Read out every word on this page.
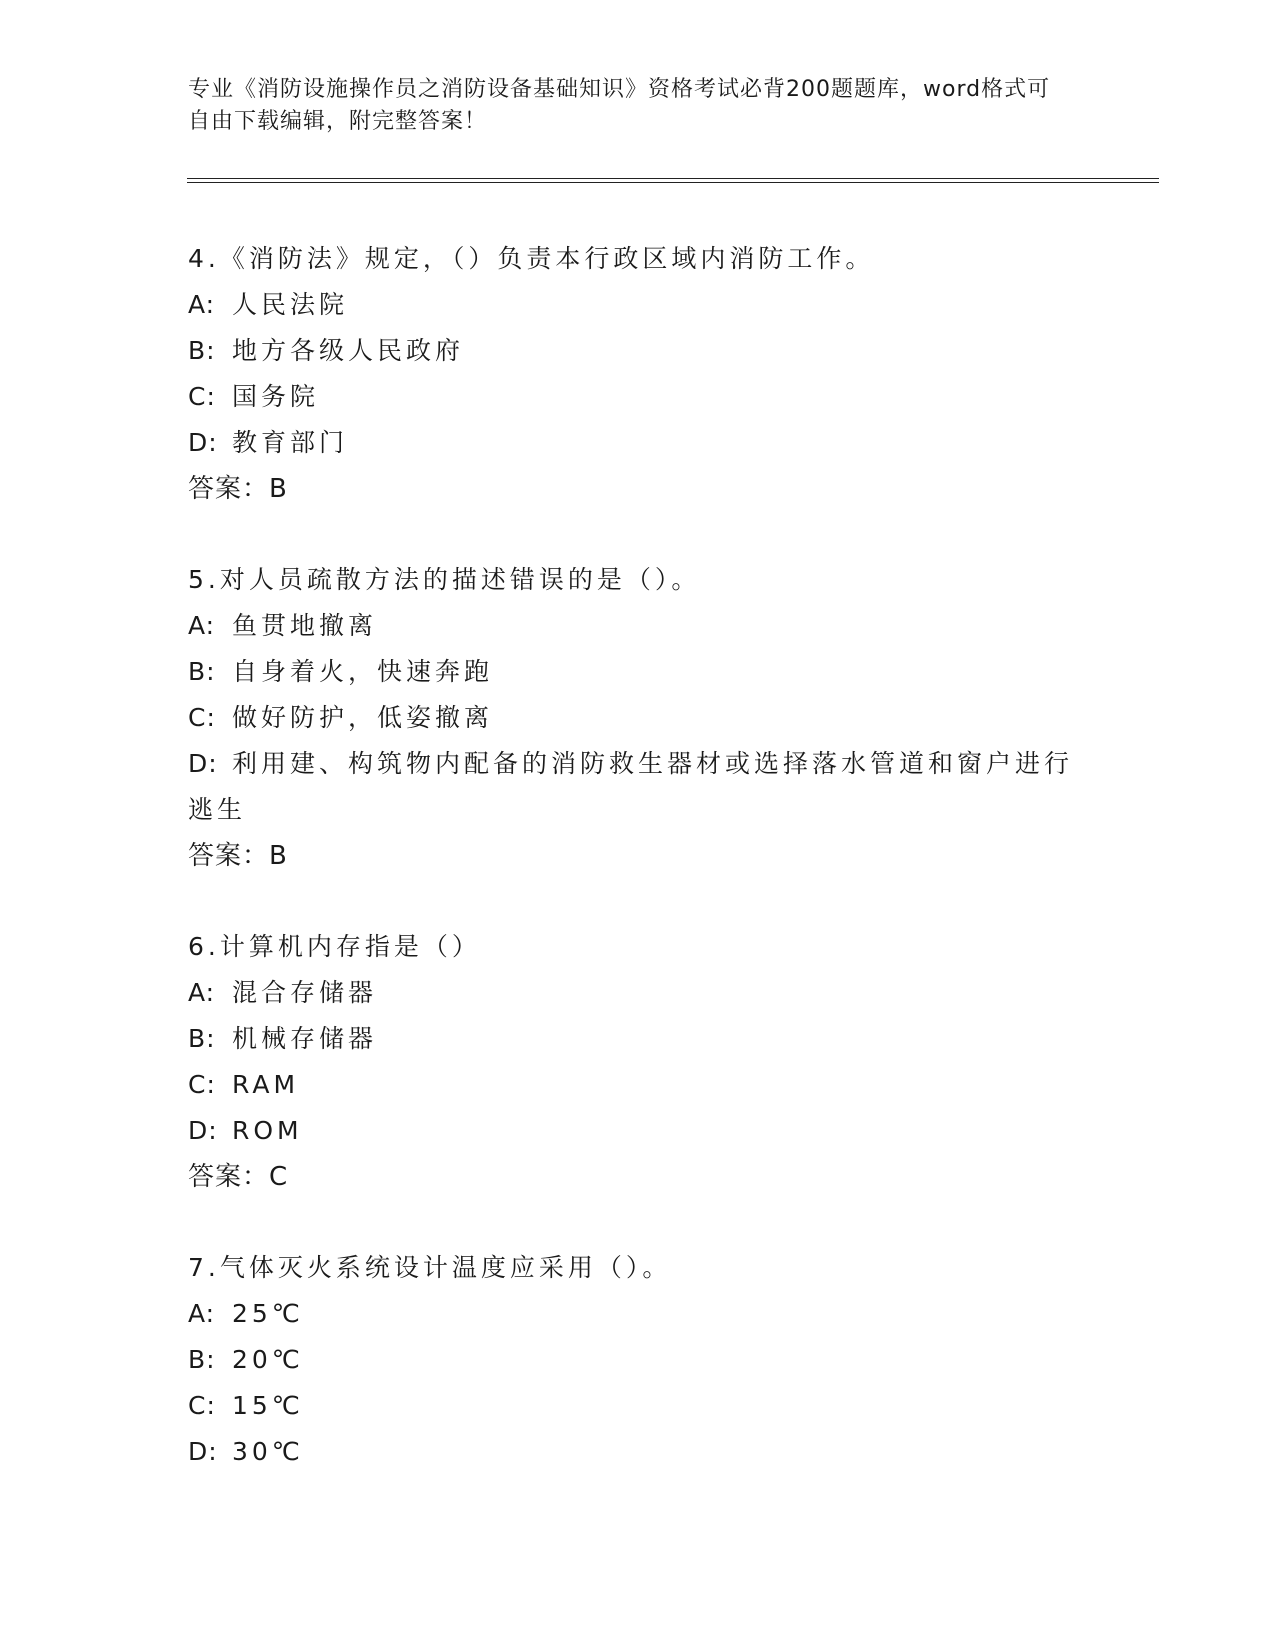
专业《消防设施操作员之消防设备基础知识》资格考试必背200题题库，word格式可自由下载编辑，附完整答案！
4.《消防法》规定，（）负责本行政区域内消防工作。
A: 人民法院
B: 地方各级人民政府
C: 国务院
D: 教育部门
答案：B
5.对人员疏散方法的描述错误的是（）。
A: 鱼贯地撤离
B: 自身着火，快速奔跑
C: 做好防护，低姿撤离
D: 利用建、构筑物内配备的消防救生器材或选择落水管道和窗户进行逃生
答案：B
6.计算机内存指是（）
A: 混合存储器
B: 机械存储器
C: RAM
D: ROM
答案：C
7.气体灭火系统设计温度应采用（）。
A: 25℃
B: 20℃
C: 15℃
D: 30℃
